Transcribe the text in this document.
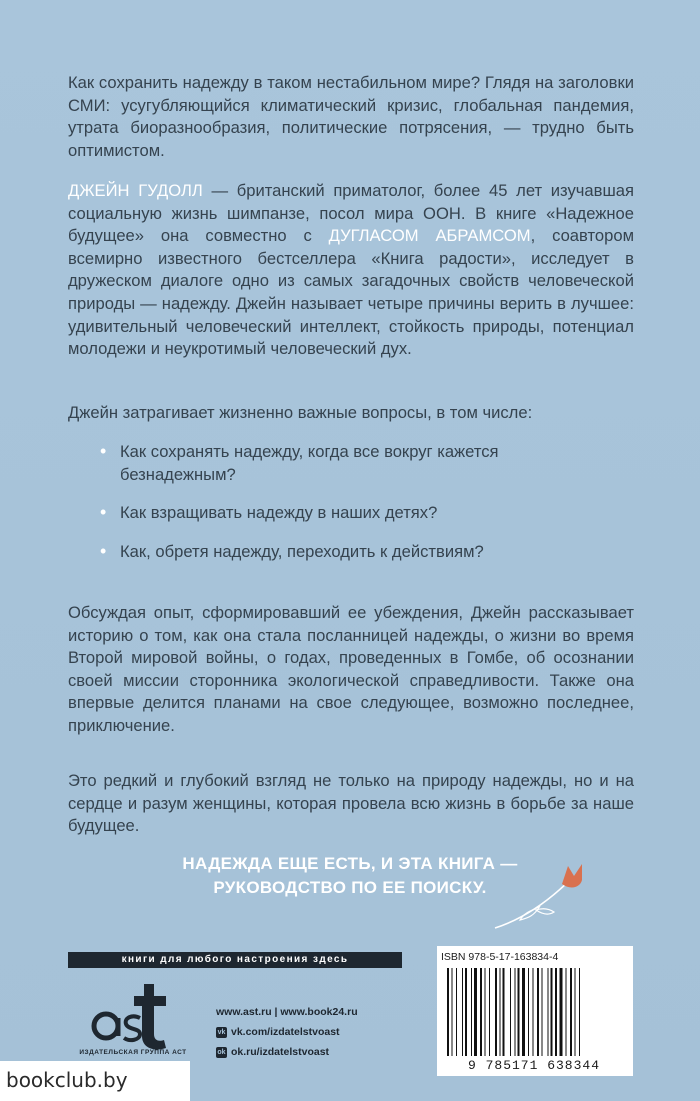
Как сохранить надежду в таком нестабильном мире? Глядя на заголовки СМИ: усугубляющийся климатический кризис, глобальная пандемия, утрата биоразнообразия, политические потрясения, — трудно быть оптимистом.

ДЖЕЙН ГУДОЛЛ — британский приматолог, более 45 лет изучавшая социальную жизнь шимпанзе, посол мира ООН. В книге «Надежное будущее» она совместно с ДУГЛАСОМ АБРАМСОМ, соавтором всемирно известного бестселлера «Книга радости», исследует в дружеском диалоге одно из самых загадочных свойств человеческой природы — надежду. Джейн называет четыре причины верить в лучшее: удивительный человеческий интеллект, стойкость природы, потенциал молодежи и неукротимый человеческий дух.

Джейн затрагивает жизненно важные вопросы, в том числе:

• Как сохранять надежду, когда все вокруг кажется безнадежным?
• Как взращивать надежду в наших детях?
• Как, обретя надежду, переходить к действиям?

Обсуждая опыт, сформировавший ее убеждения, Джейн рассказывает историю о том, как она стала посланницей надежды, о жизни во время Второй мировой войны, о годах, проведенных в Гомбе, об осознании своей миссии сторонника экологической справедливости. Также она впервые делится планами на свое следующее, возможно последнее, приключение.

Это редкий и глубокий взгляд не только на природу надежды, но и на сердце и разум женщины, которая провела всю жизнь в борьбе за наше будущее.

НАДЕЖДА ЕЩЕ ЕСТЬ, И ЭТА КНИГА —
РУКОВОДСТВО ПО ЕЕ ПОИСКУ.
книги для любого настроения здесь
ИЗДАТЕЛЬСКАЯ ГРУППА АСТ
www.ast.ru | www.book24.ru
vk vk.com/izdatelstvoast
ok ok.ru/izdatelstvoast
ISBN 978-5-17-163834-4
9 785171 638344
bookclub.by
